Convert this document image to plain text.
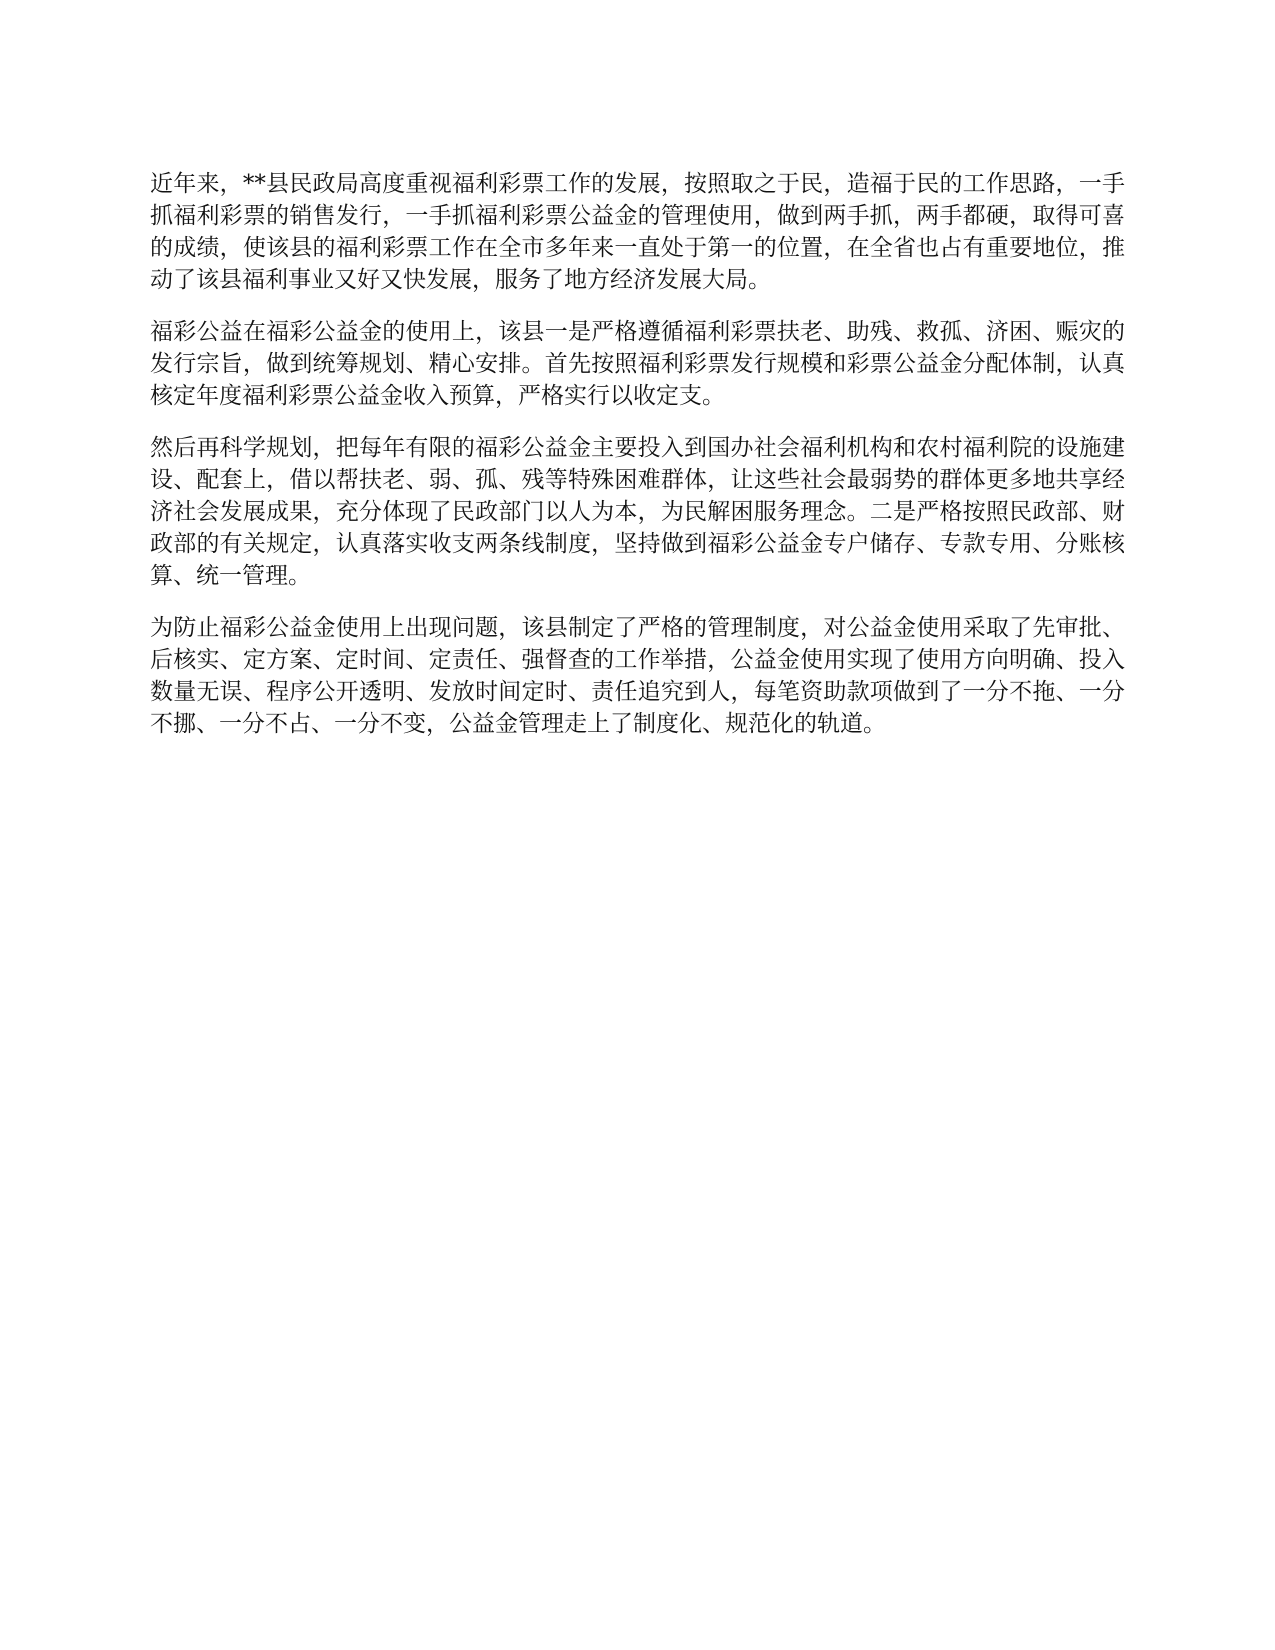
近年来，**县民政局高度重视福利彩票工作的发展，按照取之于民，造福于民的工作思路，一手抓福利彩票的销售发行，一手抓福利彩票公益金的管理使用，做到两手抓，两手都硬，取得可喜的成绩，使该县的福利彩票工作在全市多年来一直处于第一的位置，在全省也占有重要地位，推动了该县福利事业又好又快发展，服务了地方经济发展大局。

福彩公益在福彩公益金的使用上，该县一是严格遵循福利彩票扶老、助残、救孤、济困、赈灾的发行宗旨，做到统筹规划、精心安排。首先按照福利彩票发行规模和彩票公益金分配体制，认真核定年度福利彩票公益金收入预算，严格实行以收定支。

然后再科学规划，把每年有限的福彩公益金主要投入到国办社会福利机构和农村福利院的设施建设、配套上，借以帮扶老、弱、孤、残等特殊困难群体，让这些社会最弱势的群体更多地共享经济社会发展成果，充分体现了民政部门以人为本，为民解困服务理念。二是严格按照民政部、财政部的有关规定，认真落实收支两条线制度，坚持做到福彩公益金专户储存、专款专用、分账核算、统一管理。

为防止福彩公益金使用上出现问题，该县制定了严格的管理制度，对公益金使用采取了先审批、后核实、定方案、定时间、定责任、强督查的工作举措，公益金使用实现了使用方向明确、投入数量无误、程序公开透明、发放时间定时、责任追究到人，每笔资助款项做到了一分不拖、一分不挪、一分不占、一分不变，公益金管理走上了制度化、规范化的轨道。
